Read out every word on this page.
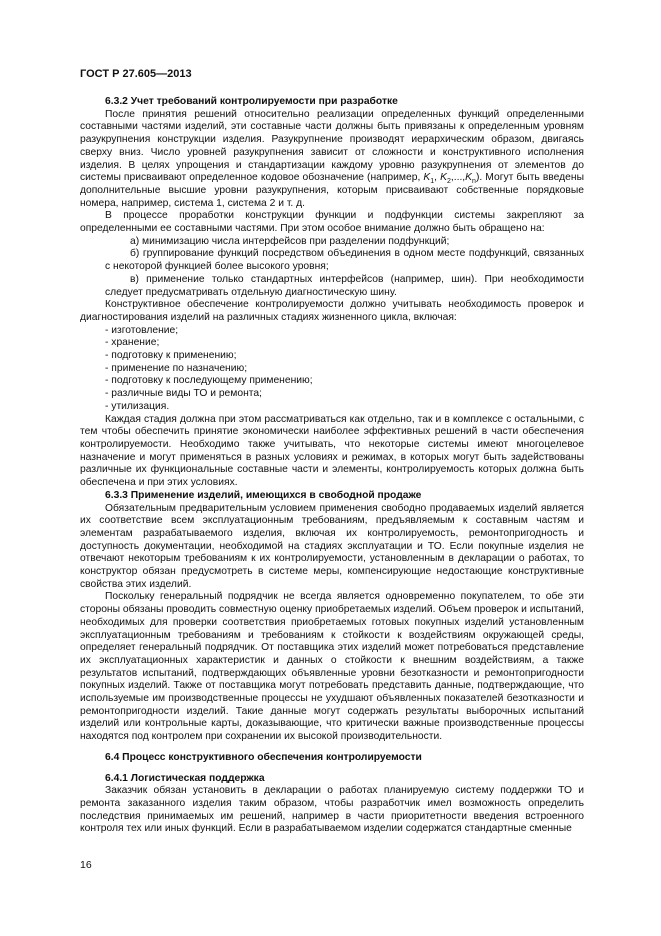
ГОСТ Р 27.605—2013
6.3.2 Учет требований контролируемости при разработке

После принятия решений относительно реализации определенных функций определенными составными частями изделий, эти составные части должны быть привязаны к определенным уровням разукрупнения конструкции изделия. Разукрупнение производят иерархическим образом, двигаясь сверху вниз. Число уровней разукрупнения зависит от сложности и конструктивного исполнения изделия. В целях упрощения и стандартизации каждому уровню разукрупнения от элементов до системы присваивают определенное кодовое обозначение (например, $K_1$, $K_2,...,K_n$). Могут быть введены дополнительные высшие уровни разукрупнения, которым присваивают собственные порядковые номера, например, система 1, система 2 и т. д.

В процессе проработки конструкции функции и подфункции системы закрепляют за определенными ее составными частями. При этом особое внимание должно быть обращено на:

а) минимизацию числа интерфейсов при разделении подфункций;

б) группирование функций посредством объединения в одном месте подфункций, связанных с некоторой функцией более высокого уровня;

в) применение только стандартных интерфейсов (например, шин). При необходимости следует предусматривать отдельную диагностическую шину.

Конструктивное обеспечение контролируемости должно учитывать необходимость проверок и диагностирования изделий на различных стадиях жизненного цикла, включая:

- изготовление;

- хранение;

- подготовку к применению;

- применение по назначению;

- подготовку к последующему применению;

- различные виды ТО и ремонта;

- утилизация.

Каждая стадия должна при этом рассматриваться как отдельно, так и в комплексе с остальными, с тем чтобы обеспечить принятие экономически наиболее эффективных решений в части обеспечения контролируемости. Необходимо также учитывать, что некоторые системы имеют многоцелевое назначение и могут применяться в разных условиях и режимах, в которых могут быть задействованы различные их функциональные составные части и элементы, контролируемость которых должна быть обеспечена и при этих условиях.

6.3.3 Применение изделий, имеющихся в свободной продаже

Обязательным предварительным условием применения свободно продаваемых изделий является их соответствие всем эксплуатационным требованиям, предъявляемым к составным частям и элементам разрабатываемого изделия, включая их контролируемость, ремонтопригодность и доступность документации, необходимой на стадиях эксплуатации и ТО. Если покупные изделия не отвечают некоторым требованиям к их контролируемости, установленным в декларации о работах, то конструктор обязан предусмотреть в системе меры, компенсирующие недостающие конструктивные свойства этих изделий.

Поскольку генеральный подрядчик не всегда является одновременно покупателем, то обе эти стороны обязаны проводить совместную оценку приобретаемых изделий. Объем проверок и испытаний, необходимых для проверки соответствия приобретаемых готовых покупных изделий установленным эксплуатационным требованиям и требованиям к стойкости к воздействиям окружающей среды, определяет генеральный подрядчик. От поставщика этих изделий может потребоваться представление их эксплуатационных характеристик и данных о стойкости к внешним воздействиям, а также результатов испытаний, подтверждающих объявленные уровни безотказности и ремонтопригодности покупных изделий. Также от поставщика могут потребовать представить данные, подтверждающие, что используемые им производственные процессы не ухудшают объявленных показателей безотказности и ремонтопригодности изделий. Такие данные могут содержать результаты выборочных испытаний изделий или контрольные карты, доказывающие, что критически важные производственные процессы находятся под контролем при сохранении их высокой производительности.

6.4 Процесс конструктивного обеспечения контролируемости
6.4.1 Логистическая поддержка

Заказчик обязан установить в декларации о работах планируемую систему поддержки ТО и ремонта заказанного изделия таким образом, чтобы разработчик имел возможность определить последствия принимаемых им решений, например в части приоритетности введения встроенного контроля тех или иных функций. Если в разрабатываемом изделии содержатся стандартные сменные

16
